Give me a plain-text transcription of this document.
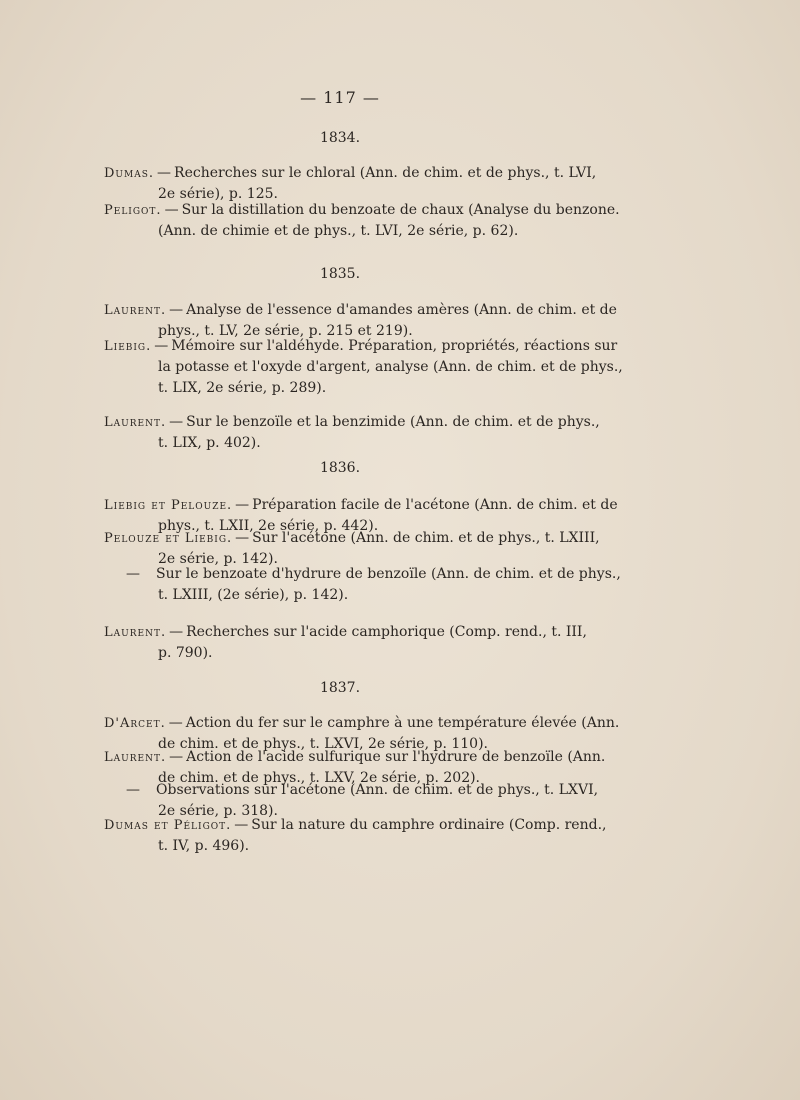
— 117 —
1834.
Dumas. — Recherches sur le chloral (Ann. de chim. et de phys., t. LVI,
2e série), p. 125.
Peligot. — Sur la distillation du benzoate de chaux (Analyse du benzone.
(Ann. de chimie et de phys., t. LVI, 2e série, p. 62).
1835.
Laurent. — Analyse de l'essence d'amandes amères (Ann. de chim. et de
phys., t. LV, 2e série, p. 215 et 219).
Liebig. — Mémoire sur l'aldéhyde. Préparation, propriétés, réactions sur
la potasse et l'oxyde d'argent, analyse (Ann. de chim. et de phys.,
t. LIX, 2e série, p. 289).
Laurent. — Sur le benzoïle et la benzimide (Ann. de chim. et de phys.,
t. LIX, p. 402).
1836.
Liebig et Pelouze. — Préparation facile de l'acétone (Ann. de chim. et de
phys., t. LXII, 2e série, p. 442).
Pelouze et Liebig. — Sur l'acétone (Ann. de chim. et de phys., t. LXIII,
2e série, p. 142).
— Sur le benzoate d'hydrure de benzoïle (Ann. de chim. et de phys.,
t. LXIII, (2e série), p. 142).
Laurent. — Recherches sur l'acide camphorique (Comp. rend., t. III,
p. 790).
1837.
D'Arcet. — Action du fer sur le camphre à une température élevée (Ann.
de chim. et de phys., t. LXVI, 2e série, p. 110).
Laurent. — Action de l'acide sulfurique sur l'hydrure de benzoïle (Ann.
de chim. et de phys., t. LXV, 2e série, p. 202).
— Observations sur l'acétone (Ann. de chim. et de phys., t. LXVI,
2e série, p. 318).
Dumas et Péligot. — Sur la nature du camphre ordinaire (Comp. rend.,
t. IV, p. 496).
